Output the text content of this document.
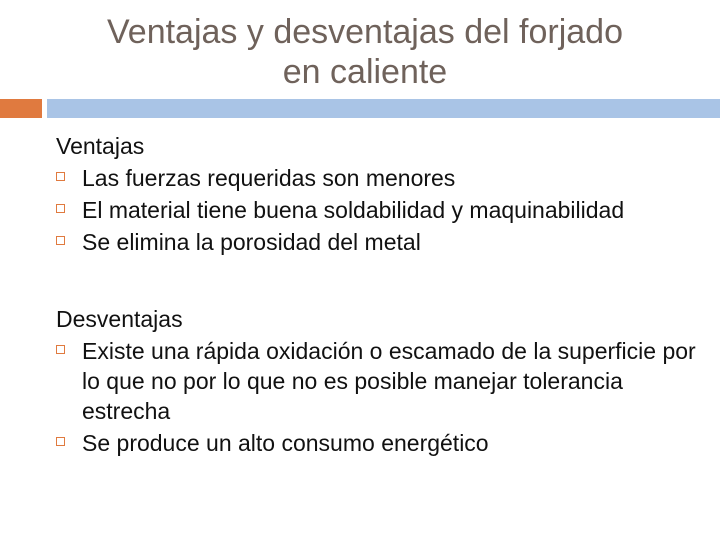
Ventajas y desventajas del forjado
en caliente
Ventajas
Las fuerzas requeridas son menores
El material tiene buena soldabilidad y maquinabilidad
Se elimina la porosidad del metal
Desventajas
Existe una rápida oxidación o escamado de la superficie por lo que no por lo que no es posible manejar tolerancia estrecha
Se produce un alto consumo energético
